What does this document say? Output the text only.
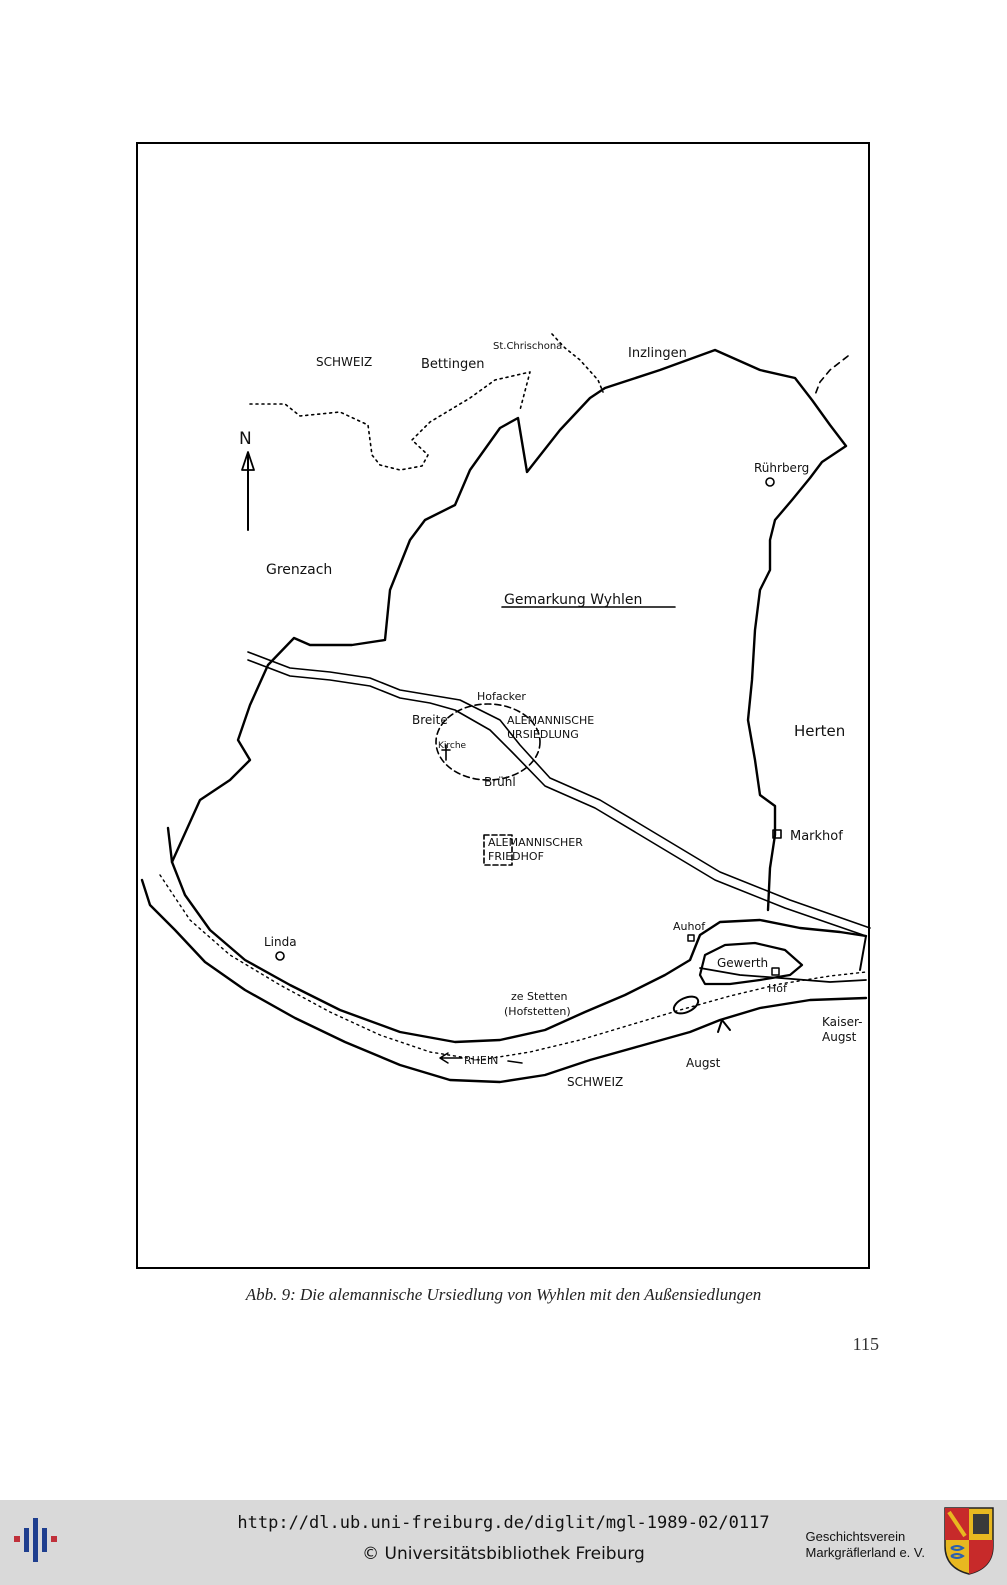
SCHWEIZ	Bettingen
St.Chrischona	Inzlingen
N
Rührberg
Grenzach
Gemarkung Wyhlen
Hofacker
Breite	ALEMANNISCHE
URSIEDLUNG
Kirche
Brühl
Herten
Markhof
ALEMANNISCHER
FRIEDHOF
Auhof
Linda
Gewerth
Hof
ze Stetten
(Hofstetten)
Kaiser-
Augst
RHEIN	Augst
SCHWEIZ
Abb. 9: Die alemannische Ursiedlung von Wyhlen mit den Außensiedlungen
115
http://dl.ub.uni-freiburg.de/diglit/mgl-1989-02/0117
© Universitätsbibliothek Freiburg
Geschichtsverein
Markgräflerland e. V.
